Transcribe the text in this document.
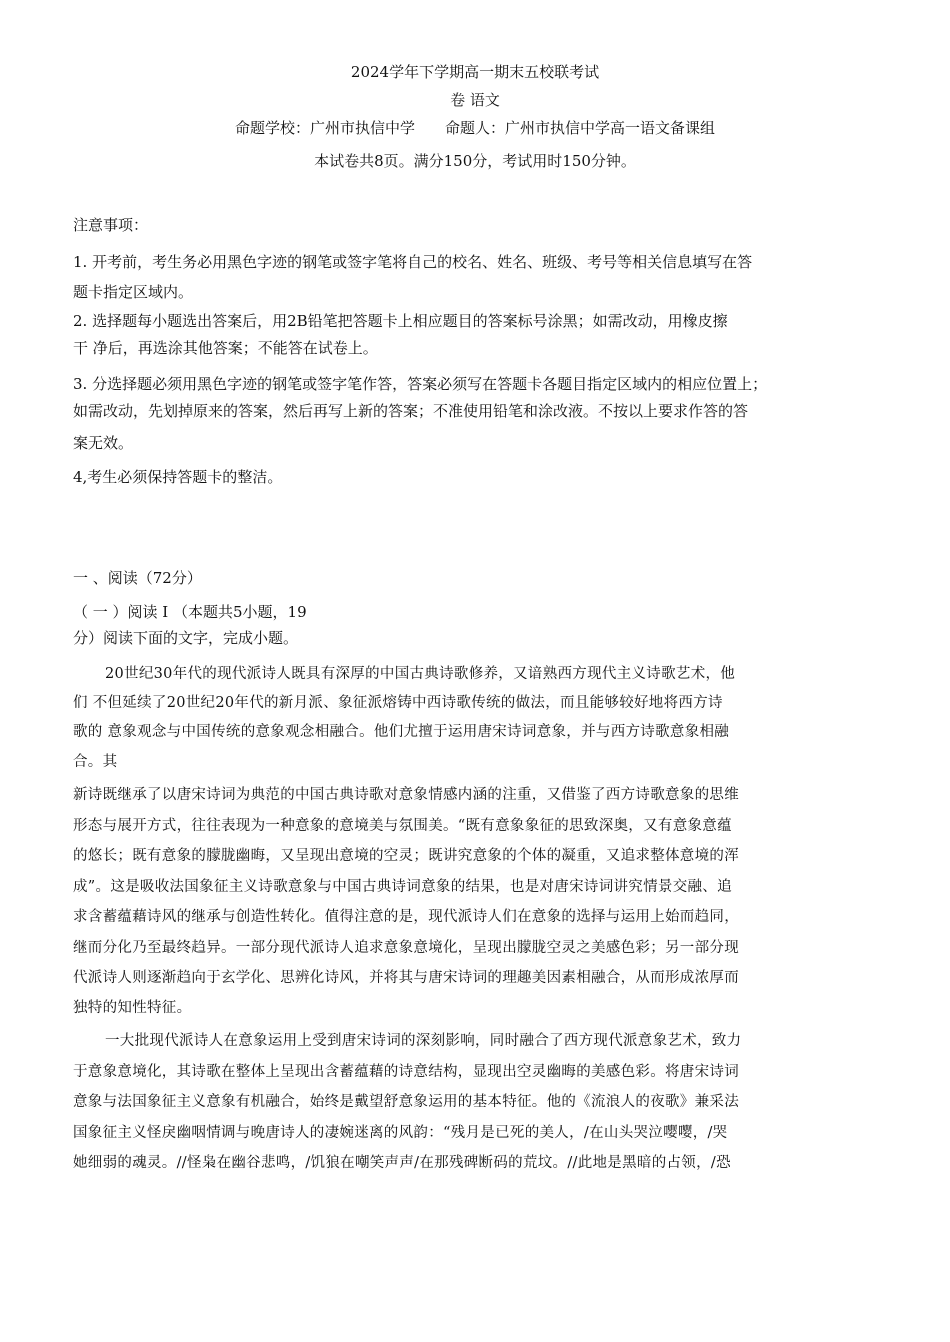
2024学年下学期高一期末五校联考试
卷 语文
命题学校：广州市执信中学　　命题人：广州市执信中学高一语文备课组
本试卷共8页。满分150分，考试用时150分钟。
注意事项：
1. 开考前，考生务必用黑色字迹的钢笔或签字笔将自己的校名、姓名、班级、考号等相关信息填写在答
题卡指定区域内。
2. 选择题每小题选出答案后，用2B铅笔把答题卡上相应题目的答案标号涂黑；如需改动，用橡皮擦
干 净后，再选涂其他答案；不能答在试卷上。
3. 分选择题必须用黑色字迹的钢笔或签字笔作答，答案必须写在答题卡各题目指定区域内的相应位置上；
如需改动，先划掉原来的答案，然后再写上新的答案；不准使用铅笔和涂改液。不按以上要求作答的答
案无效。
4,考生必须保持答题卡的整洁。
一 、阅读（72分）
（ 一 ）阅读 I （本题共5小题，19
分）阅读下面的文字，完成小题。
20世纪30年代的现代派诗人既具有深厚的中国古典诗歌修养，又谙熟西方现代主义诗歌艺术，他
们 不但延续了20世纪20年代的新月派、象征派熔铸中西诗歌传统的做法，而且能够较好地将西方诗
歌的 意象观念与中国传统的意象观念相融合。他们尤擅于运用唐宋诗词意象，并与西方诗歌意象相融
合。其
新诗既继承了以唐宋诗词为典范的中国古典诗歌对意象情感内涵的注重，又借鉴了西方诗歌意象的思维
形态与展开方式，往往表现为一种意象的意境美与氛围美。“既有意象象征的思致深奥，又有意象意蕴
的悠长；既有意象的朦胧幽晦，又呈现出意境的空灵；既讲究意象的个体的凝重，又追求整体意境的浑
成”。这是吸收法国象征主义诗歌意象与中国古典诗词意象的结果，也是对唐宋诗词讲究情景交融、追
求含蓄蕴藉诗风的继承与创造性转化。值得注意的是，现代派诗人们在意象的选择与运用上始而趋同，
继而分化乃至最终趋异。一部分现代派诗人追求意象意境化，呈现出朦胧空灵之美感色彩；另一部分现
代派诗人则逐渐趋向于玄学化、思辨化诗风，并将其与唐宋诗词的理趣美因素相融合，从而形成浓厚而
独特的知性特征。
一大批现代派诗人在意象运用上受到唐宋诗词的深刻影响，同时融合了西方现代派意象艺术，致力
于意象意境化，其诗歌在整体上呈现出含蓄蕴藉的诗意结构，显现出空灵幽晦的美感色彩。将唐宋诗词
意象与法国象征主义意象有机融合，始终是戴望舒意象运用的基本特征。他的《流浪人的夜歌》兼采法
国象征主义怪戾幽咽情调与晚唐诗人的凄婉迷离的风韵：“残月是已死的美人，/在山头哭泣嘤嘤，/哭
她细弱的魂灵。//怪枭在幽谷悲鸣，/饥狼在嘲笑声声/在那残碑断码的荒坟。//此地是黑暗的占领，/恐
